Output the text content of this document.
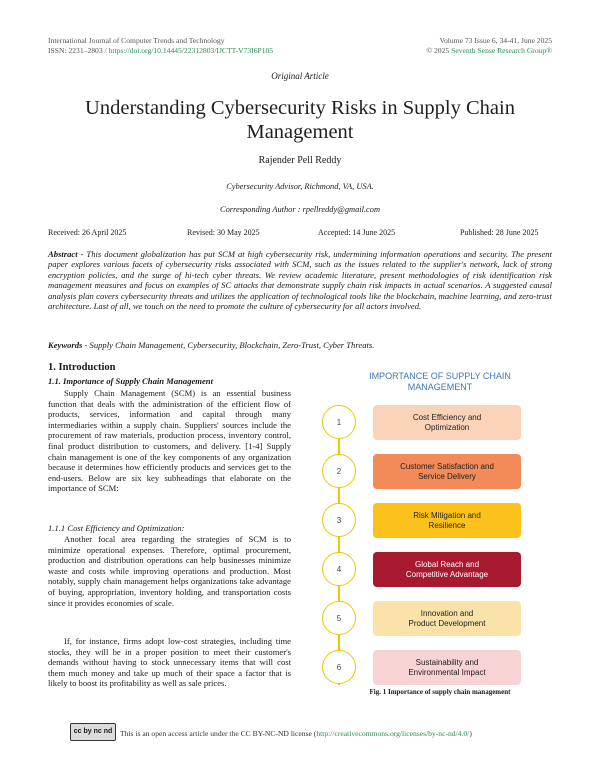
International Journal of Computer Trends and Technology
ISSN: 2231–2803 / https://doi.org/10.14445/22312803/IJCTT-V73I6P105
Volume 73 Issue 6, 34-41, June 2025
© 2025 Seventh Sense Research Group®
Original Article
Understanding Cybersecurity Risks in Supply Chain
Management
Rajender Pell Reddy
Cybersecurity Advisor, Richmond, VA, USA.
Corresponding Author : rpellreddy@gmail.com
Received: 26 April 2025	Revised: 30 May 2025	Accepted: 14 June 2025	Published: 28 June 2025
Abstract - This document globalization has put SCM at high cybersecurity risk, undermining information operations and security. The present paper explores various facets of cybersecurity risks associated with SCM, such as the issues related to the supplier's network, lack of strong encryption policies, and the surge of hi-tech cyber threats. We review academic literature, present methodologies of risk identification risk management measures and focus on examples of SC attacks that demonstrate supply chain risk impacts in actual scenarios. A suggested causal analysis plan covers cybersecurity threats and utilizes the application of technological tools like the blockchain, machine learning, and zero-trust architecture. Last of all, we touch on the need to promote the culture of cybersecurity for all actors involved.
Keywords - Supply Chain Management, Cybersecurity, Blockchain, Zero-Trust, Cyber Threats.
1. Introduction
1.1. Importance of Supply Chain Management

Supply Chain Management (SCM) is an essential business function that deals with the administration of the efficient flow of products, services, information and capital through many intermediaries within a supply chain. Suppliers' sources include the procurement of raw materials, production process, inventory control, final product distribution to customers, and delivery. [1-4] Supply chain management is one of the key components of any organization because it determines how efficiently products and services get to the end-users. Below are six key subheadings that elaborate on the importance of SCM:

1.1.1 Cost Efficiency and Optimization:

Another focal area regarding the strategies of SCM is to minimize operational expenses. Therefore, optimal procurement, production and distribution operations can help businesses minimize waste and costs while improving operations and production. Most notably, supply chain management helps organizations take advantage of buying, appropriation, inventory holding, and transportation costs since it provides economies of scale.

If, for instance, firms adopt low-cost strategies, including time stocks, they will be in a proper position to meet their customer's demands without having to stock unnecessary items that will cost them much money and take up much of their space a factor that is likely to boost its profitability as well as sale prices.

IMPORTANCE OF SUPPLY CHAIN
MANAGEMENT
1
Cost Efficiency and
Optimization
2
Customer Satisfaction and
Service Delivery
3
Risk Mitigation and
Resilience
4
Global Reach and
Competitive Advantage
5
Innovation and
Product Development
6
Sustainability and
Environmental Impact
Fig. 1 Importance of supply chain management
cc by nc nd	This is an open access article under the CC BY-NC-ND license (http://creativecommons.org/licenses/by-nc-nd/4.0/)
